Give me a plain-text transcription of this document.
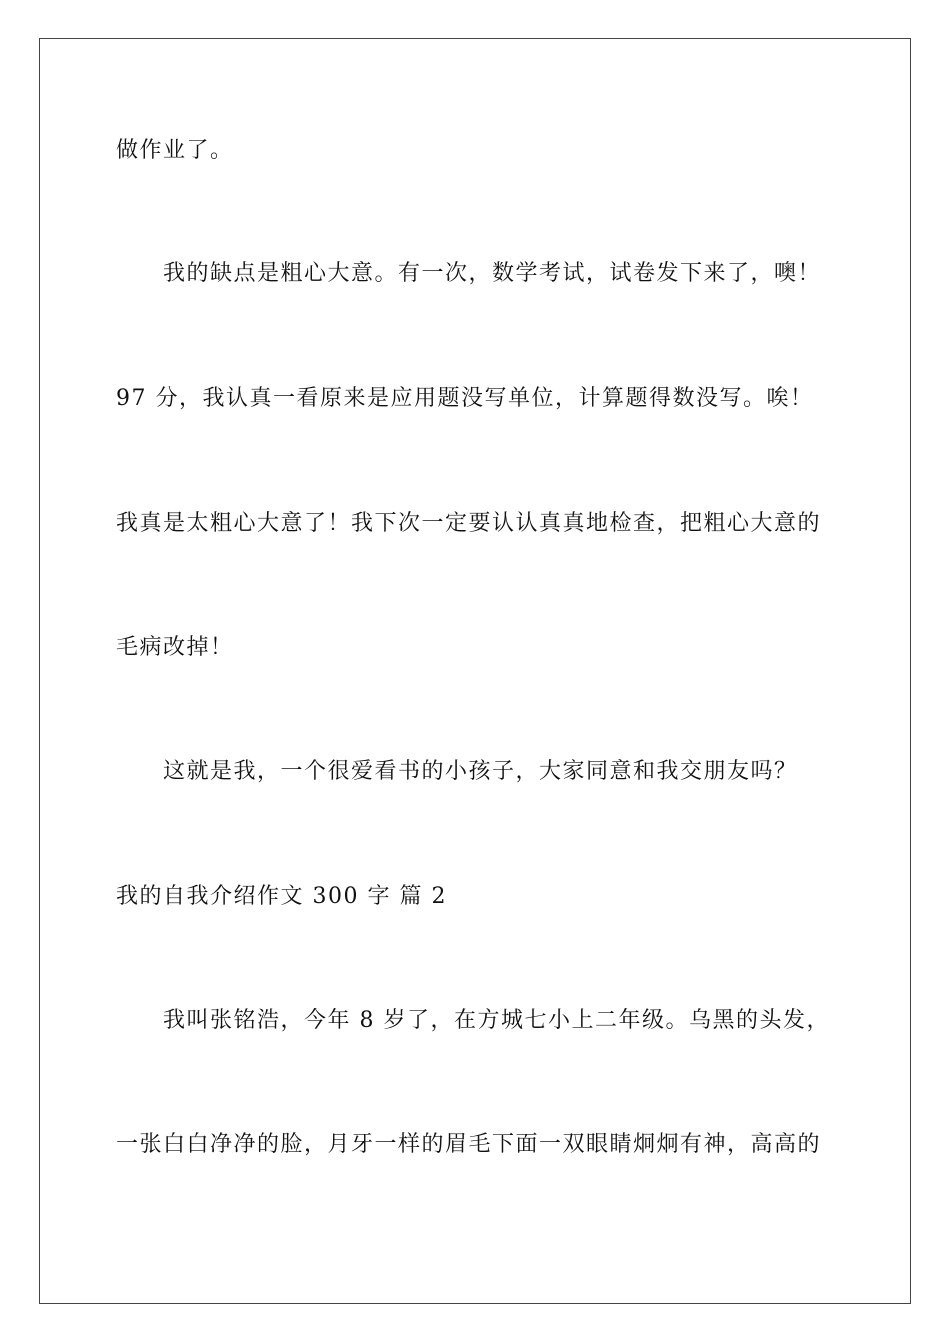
做作业了。
我的缺点是粗心大意。有一次，数学考试，试卷发下来了，噢！
97 分，我认真一看原来是应用题没写单位，计算题得数没写。唉！
我真是太粗心大意了！我下次一定要认认真真地检查，把粗心大意的
毛病改掉！
这就是我，一个很爱看书的小孩子，大家同意和我交朋友吗？
我的自我介绍作文 300 字 篇 2
我叫张铭浩，今年 8 岁了，在方城七小上二年级。乌黑的头发，
一张白白净净的脸，月牙一样的眉毛下面一双眼睛炯炯有神，高高的
